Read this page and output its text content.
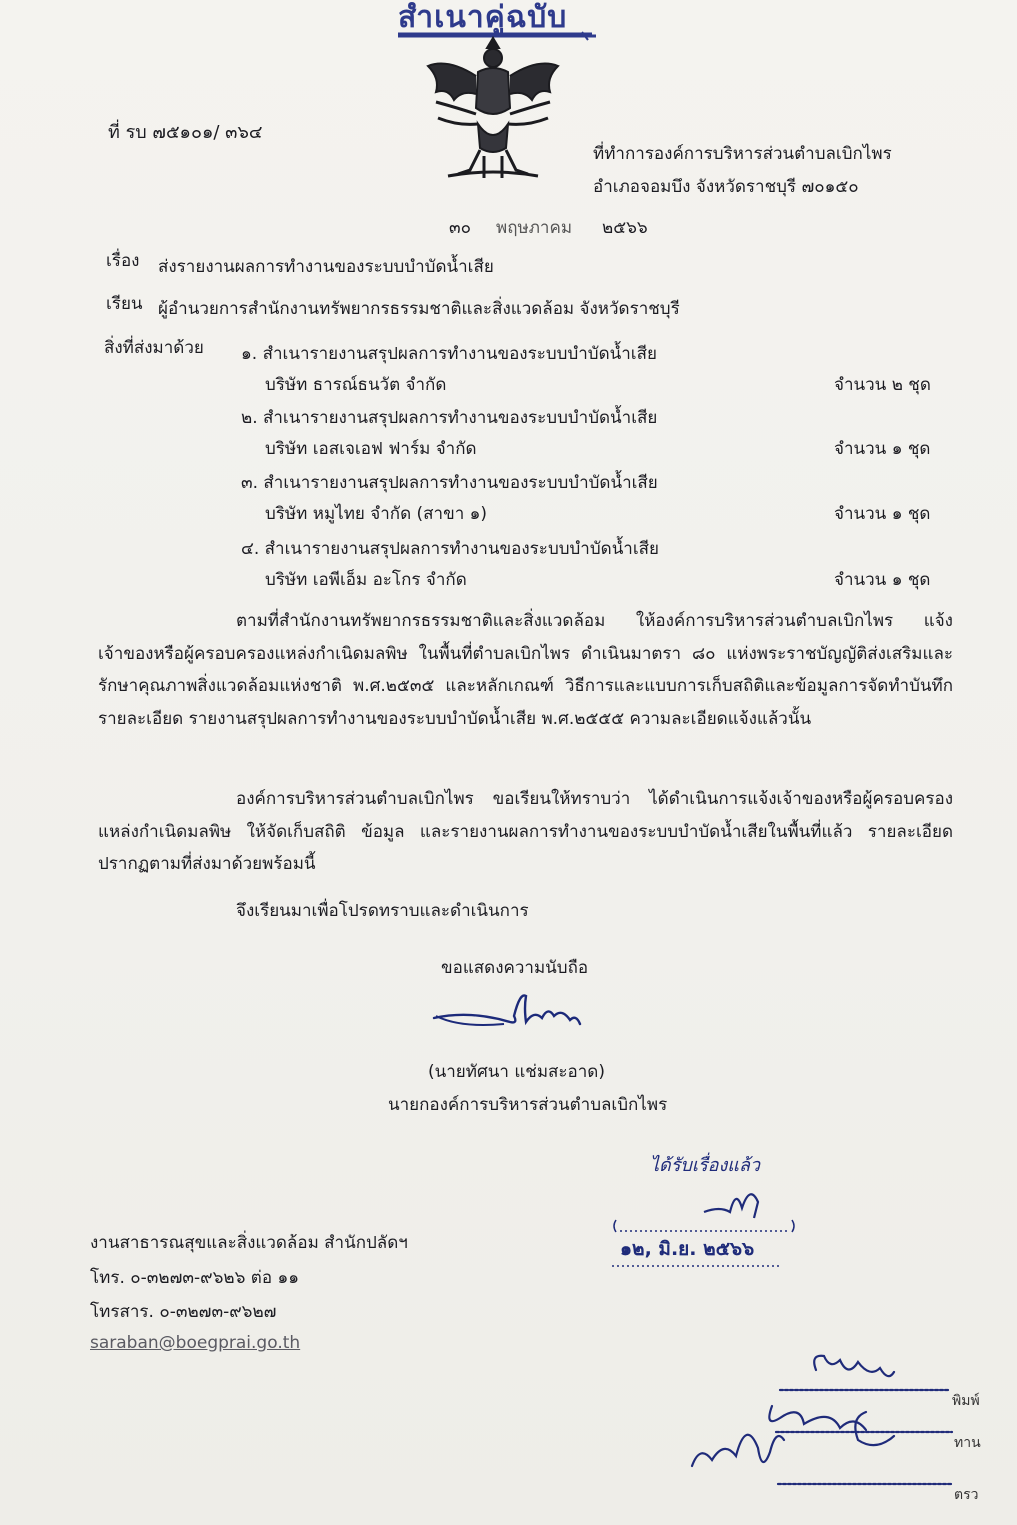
สำเนาคู่ฉบับ
ที่ รบ ๗๕๑๐๑/ ๓๖๔
ที่ทำการองค์การบริหารส่วนตำบลเบิกไพร
อำเภอจอมบึง จังหวัดราชบุรี ๗๐๑๕๐
๓๐ พฤษภาคม ๒๕๖๖
เรื่อง ส่งรายงานผลการทำงานของระบบบำบัดน้ำเสีย
เรียน ผู้อำนวยการสำนักงานทรัพยากรธรรมชาติและสิ่งแวดล้อม จังหวัดราชบุรี
สิ่งที่ส่งมาด้วย ๑. สำเนารายงานสรุปผลการทำงานของระบบบำบัดน้ำเสีย
บริษัท ธารณ์ธนวัต จำกัด	จำนวน ๒ ชุด
๒. สำเนารายงานสรุปผลการทำงานของระบบบำบัดน้ำเสีย
บริษัท เอสเจเอฟ ฟาร์ม จำกัด	จำนวน ๑ ชุด
๓. สำเนารายงานสรุปผลการทำงานของระบบบำบัดน้ำเสีย
บริษัท หมูไทย จำกัด (สาขา ๑)	จำนวน ๑ ชุด
๔. สำเนารายงานสรุปผลการทำงานของระบบบำบัดน้ำเสีย
บริษัท เอพีเอ็ม อะโกร จำกัด	จำนวน ๑ ชุด
ตามที่สำนักงานทรัพยากรธรรมชาติและสิ่งแวดล้อม ให้องค์การบริหารส่วนตำบลเบิกไพร แจ้งเจ้าของหรือผู้ครอบครองแหล่งกำเนิดมลพิษ ในพื้นที่ตำบลเบิกไพร ดำเนินมาตรา ๘๐ แห่งพระราชบัญญัติส่งเสริมและรักษาคุณภาพสิ่งแวดล้อมแห่งชาติ พ.ศ.๒๕๓๕ และหลักเกณฑ์ วิธีการและแบบการเก็บสถิติและข้อมูลการจัดทำบันทึกรายละเอียด รายงานสรุปผลการทำงานของระบบบำบัดน้ำเสีย พ.ศ.๒๕๕๕ ความละเอียดแจ้งแล้วนั้น
องค์การบริหารส่วนตำบลเบิกไพร ขอเรียนให้ทราบว่า ได้ดำเนินการแจ้งเจ้าของหรือผู้ครอบครองแหล่งกำเนิดมลพิษ ให้จัดเก็บสถิติ ข้อมูล และรายงานผลการทำงานของระบบบำบัดน้ำเสียในพื้นที่แล้ว รายละเอียดปรากฏตามที่ส่งมาด้วยพร้อมนี้
จึงเรียนมาเพื่อโปรดทราบและดำเนินการ
ขอแสดงความนับถือ
(นายทัศนา แช่มสะอาด)
นายกองค์การบริหารส่วนตำบลเบิกไพร
ได้รับเรื่องแล้ว
๑๒, มิ.ย. ๒๕๖๖
งานสาธารณสุขและสิ่งแวดล้อม สำนักปลัดฯ
โทร. ๐-๓๒๗๓-๙๖๒๖ ต่อ ๑๑
โทรสาร. ๐-๓๒๗๓-๙๖๒๗
saraban@boegprai.go.th
พิมพ์
ทาน
ตรว
